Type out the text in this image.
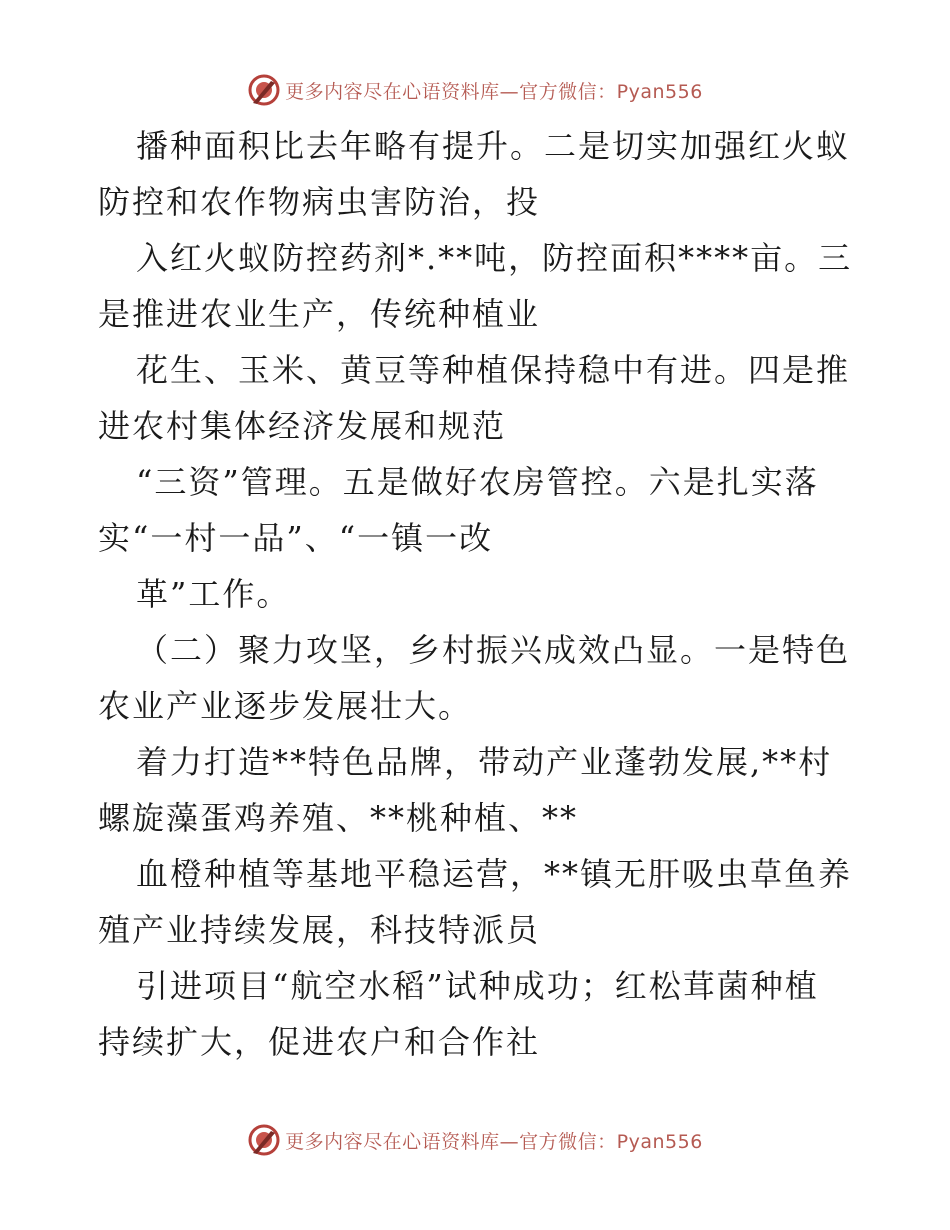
更多内容尽在心语资料库—官方微信：Pyan556

播种面积比去年略有提升。二是切实加强红火蚁
防控和农作物病虫害防治，投

入红火蚁防控药剂*.**吨，防控面积****亩。三
是推进农业生产，传统种植业

花生、玉米、黄豆等种植保持稳中有进。四是推
进农村集体经济发展和规范

“三资”管理。五是做好农房管控。六是扎实落
实“一村一品”、“一镇一改

革”工作。

（二）聚力攻坚，乡村振兴成效凸显。一是特色
农业产业逐步发展壮大。

着力打造**特色品牌，带动产业蓬勃发展,**村
螺旋藻蛋鸡养殖、**桃种植、**

血橙种植等基地平稳运营，**镇无肝吸虫草鱼养
殖产业持续发展，科技特派员

引进项目“航空水稻”试种成功；红松茸菌种植
持续扩大，促进农户和合作社

更多内容尽在心语资料库—官方微信：Pyan556
